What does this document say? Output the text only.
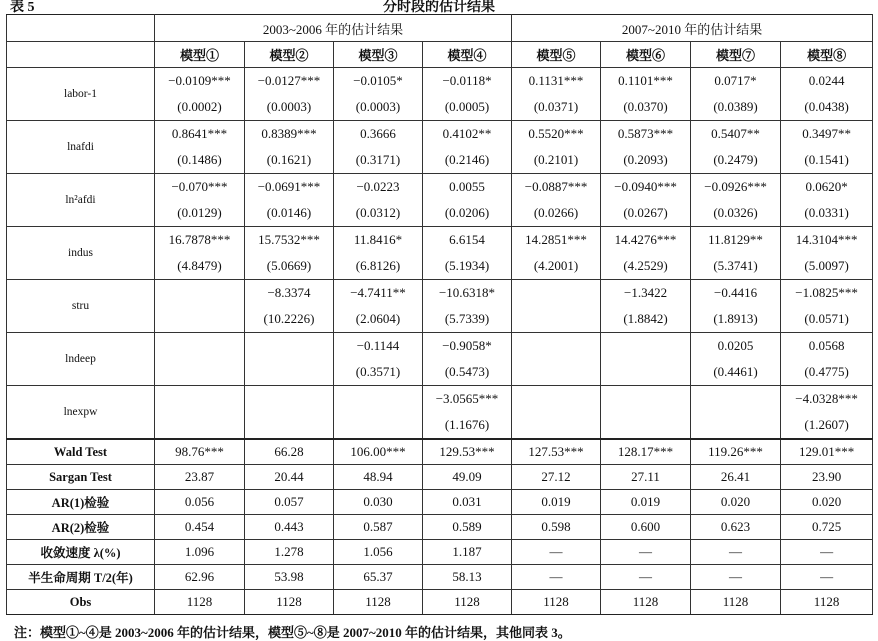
表 5	分时段的估计结果
	2003~2006 年的估计结果				2007~2010 年的估计结果			
	模型①	模型②	模型③	模型④	模型⑤	模型⑥	模型⑦	模型⑧
labor-1	−0.0109***	−0.0127***	−0.0105*	−0.0118*	0.1131***	0.1101***	0.0717*	0.0244
	(0.0002)	(0.0003)	(0.0003)	(0.0005)	(0.0371)	(0.0370)	(0.0389)	(0.0438)
lnafdi	0.8641***	0.8389***	0.3666	0.4102**	0.5520***	0.5873***	0.5407**	0.3497**
	(0.1486)	(0.1621)	(0.3171)	(0.2146)	(0.2101)	(0.2093)	(0.2479)	(0.1541)
ln²afdi	−0.070***	−0.0691***	−0.0223	0.0055	−0.0887***	−0.0940***	−0.0926***	0.0620*
	(0.0129)	(0.0146)	(0.0312)	(0.0206)	(0.0266)	(0.0267)	(0.0326)	(0.0331)
indus	16.7878***	15.7532***	11.8416*	6.6154	14.2851***	14.4276***	11.8129**	14.3104***
	(4.8479)	(5.0669)	(6.8126)	(5.1934)	(4.2001)	(4.2529)	(5.3741)	(5.0097)
stru		−8.3374	−4.7411**	−10.6318*		−1.3422	−0.4416	−1.0825***
		(10.2226)	(2.0604)	(5.7339)		(1.8842)	(1.8913)	(0.0571)
lndeep			−0.1144	−0.9058*			0.0205	0.0568
			(0.3571)	(0.5473)			(0.4461)	(0.4775)
lnexpw				−3.0565***				−4.0328***
				(1.1676)				(1.2607)
Wald Test	98.76***	66.28	106.00***	129.53***	127.53***	128.17***	119.26***	129.01***
Sargan Test	23.87	20.44	48.94	49.09	27.12	27.11	26.41	23.90
AR(1)检验	0.056	0.057	0.030	0.031	0.019	0.019	0.020	0.020
AR(2)检验	0.454	0.443	0.587	0.589	0.598	0.600	0.623	0.725
收敛速度 λ(%)	1.096	1.278	1.056	1.187	—	—	—	—
半生命周期 T/2(年)	62.96	53.98	65.37	58.13	—	—	—	—
Obs	1128	1128	1128	1128	1128	1128	1128	1128
注：模型①~④是 2003~2006 年的估计结果，模型⑤~⑧是 2007~2010 年的估计结果，其他同表 3。
